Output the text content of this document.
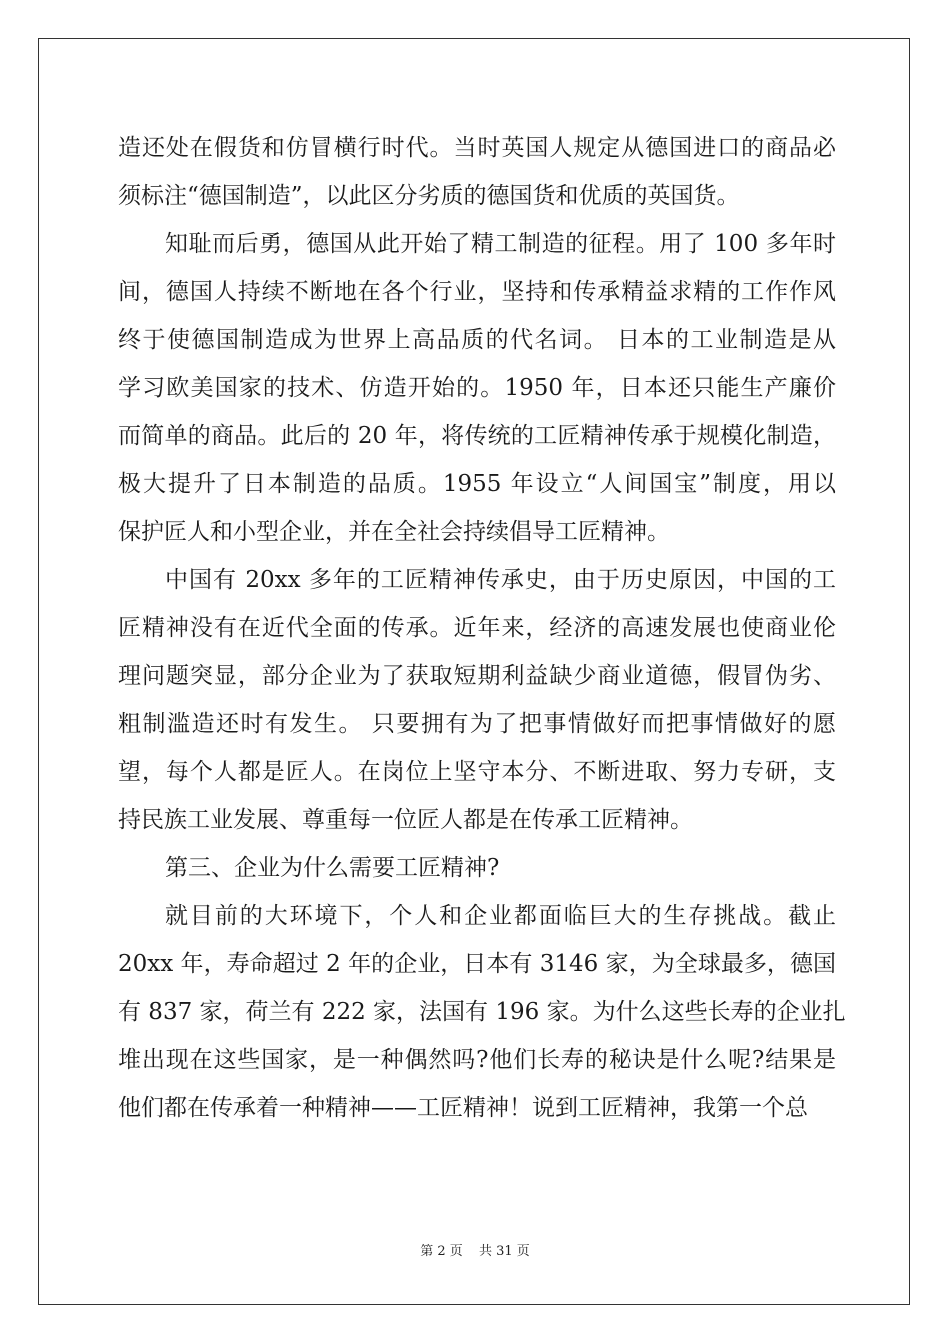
造还处在假货和仿冒横行时代。当时英国人规定从德国进口的商品必
须标注“德国制造”，以此区分劣质的德国货和优质的英国货。
知耻而后勇，德国从此开始了精工制造的征程。用了 100 多年时
间，德国人持续不断地在各个行业，坚持和传承精益求精的工作作风
终于使德国制造成为世界上高品质的代名词。 日本的工业制造是从
学习欧美国家的技术、仿造开始的。1950 年，日本还只能生产廉价
而简单的商品。此后的 20 年，将传统的工匠精神传承于规模化制造，
极大提升了日本制造的品质。1955 年设立“人间国宝”制度，用以
保护匠人和小型企业，并在全社会持续倡导工匠精神。
中国有 20xx 多年的工匠精神传承史，由于历史原因，中国的工
匠精神没有在近代全面的传承。近年来，经济的高速发展也使商业伦
理问题突显，部分企业为了获取短期利益缺少商业道德，假冒伪劣、
粗制滥造还时有发生。 只要拥有为了把事情做好而把事情做好的愿
望，每个人都是匠人。在岗位上坚守本分、不断进取、努力专研，支
持民族工业发展、尊重每一位匠人都是在传承工匠精神。
第三、企业为什么需要工匠精神?
就目前的大环境下，个人和企业都面临巨大的生存挑战。截止
20xx 年，寿命超过 2 年的企业，日本有 3146 家，为全球最多，德国
有 837 家，荷兰有 222 家，法国有 196 家。为什么这些长寿的企业扎
堆出现在这些国家，是一种偶然吗?他们长寿的秘诀是什么呢?结果是
他们都在传承着一种精神——工匠精神！说到工匠精神，我第一个总
第 2 页 共 31 页
